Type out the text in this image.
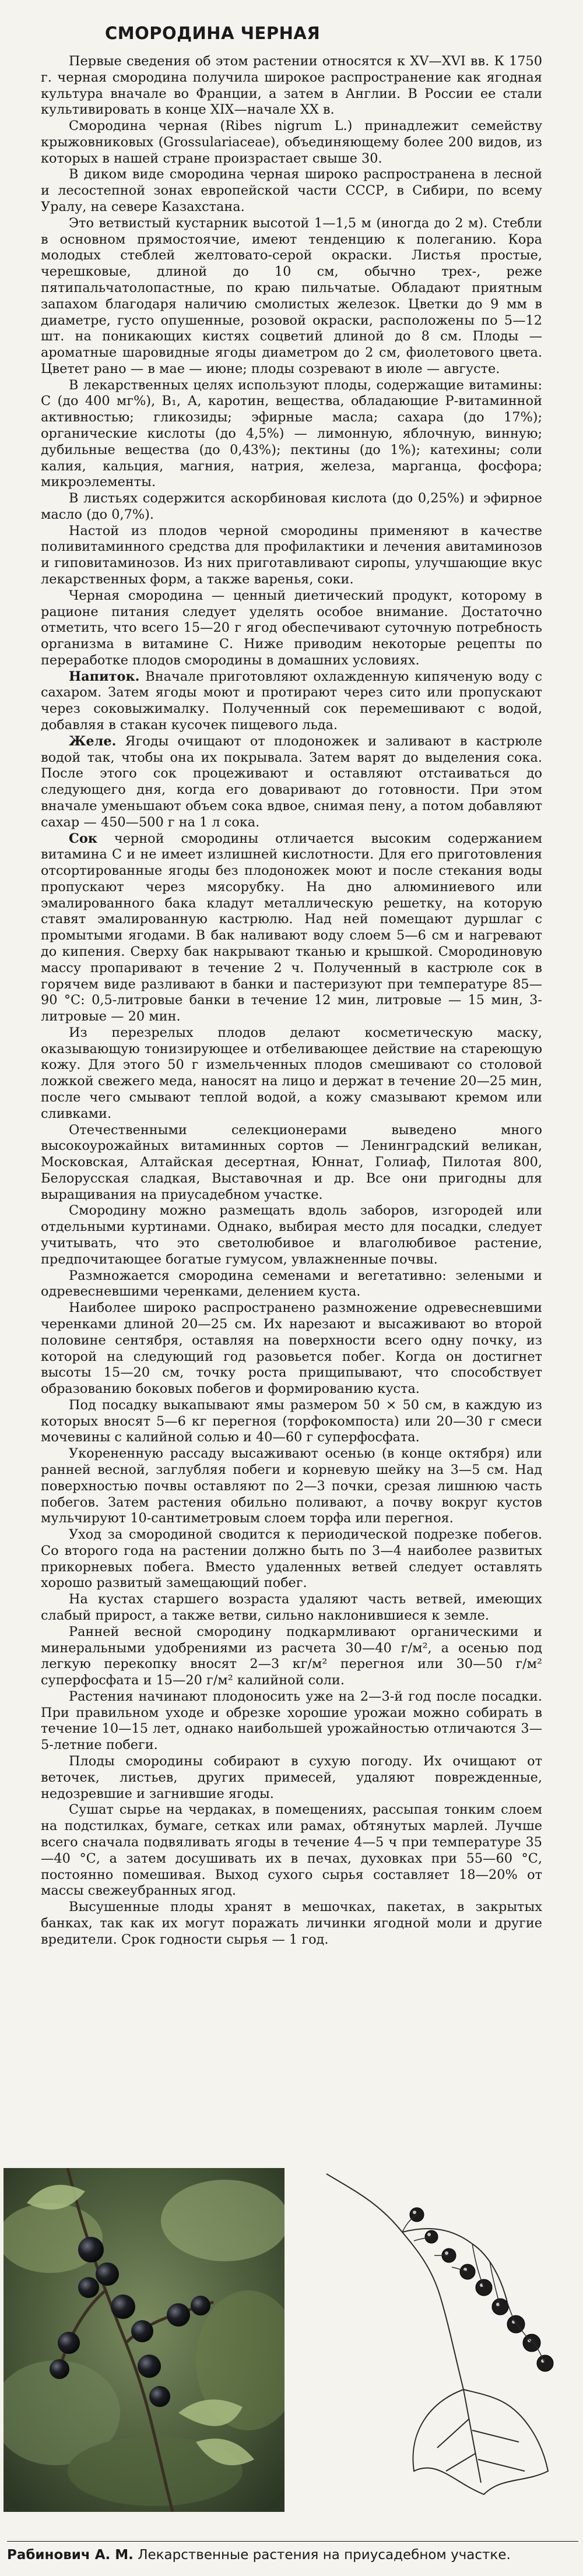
СМОРОДИНА ЧЕРНАЯ

Первые сведения об этом растении относятся к XV—XVI вв. К 1750 г. черная смородина получила широкое распространение как ягодная культура вначале во Франции, а затем в Англии. В России ее стали культивировать в конце XIX—начале XX в.

Смородина черная (Ribes nigrum L.) принадлежит семейству крыжовниковых (Grossulariaceae), объединяющему более 200 видов, из которых в нашей стране произрастает свыше 30.

В диком виде смородина черная широко распространена в лесной и лесостепной зонах европейской части СССР, в Сибири, по всему Уралу, на севере Казахстана.

Это ветвистый кустарник высотой 1—1,5 м (иногда до 2 м). Стебли в основном прямостоячие, имеют тенденцию к полеганию. Кора молодых стеблей желтовато-серой окраски. Листья простые, черешковые, длиной до 10 см, обычно трех-, реже пятипальчатолопастные, по краю пильчатые. Обладают приятным запахом благодаря наличию смолистых железок. Цветки до 9 мм в диаметре, густо опушенные, розовой окраски, расположены по 5—12 шт. на поникающих кистях соцветий длиной до 8 см. Плоды — ароматные шаровидные ягоды диаметром до 2 см, фиолетового цвета. Цветет рано — в мае — июне; плоды созревают в июле — августе.

В лекарственных целях используют плоды, содержащие витамины: С (до 400 мг%), B₁, А, каротин, вещества, обладающие Р-витаминной активностью; гликозиды; эфирные масла; сахара (до 17%); органические кислоты (до 4,5%) — лимонную, яблочную, винную; дубильные вещества (до 0,43%); пектины (до 1%); катехины; соли калия, кальция, магния, натрия, железа, марганца, фосфора; микроэлементы.

В листьях содержится аскорбиновая кислота (до 0,25%) и эфирное масло (до 0,7%).

Настой из плодов черной смородины применяют в качестве поливитаминного средства для профилактики и лечения авитаминозов и гиповитаминозов. Из них приготавливают сиропы, улучшающие вкус лекарственных форм, а также варенья, соки.

Черная смородина — ценный диетический продукт, которому в рационе питания следует уделять особое внимание. Достаточно отметить, что всего 15—20 г ягод обеспечивают суточную потребность организма в витамине С. Ниже приводим некоторые рецепты по переработке плодов смородины в домашних условиях.

Напиток. Вначале приготовляют охлажденную кипяченую воду с сахаром. Затем ягоды моют и протирают через сито или пропускают через соковыжималку. Полученный сок перемешивают с водой, добавляя в стакан кусочек пищевого льда.

Желе. Ягоды очищают от плодоножек и заливают в кастрюле водой так, чтобы она их покрывала. Затем варят до выделения сока. После этого сок процеживают и оставляют отстаиваться до следующего дня, когда его доваривают до готовности. При этом вначале уменьшают объем сока вдвое, снимая пену, а потом добавляют сахар — 450—500 г на 1 л сока.

Сок черной смородины отличается высоким содержанием витамина С и не имеет излишней кислотности. Для его приготовления отсортированные ягоды без плодоножек моют и после стекания воды пропускают через мясорубку. На дно алюминиевого или эмалированного бака кладут металлическую решетку, на которую ставят эмалированную кастрюлю. Над ней помещают дуршлаг с промытыми ягодами. В бак наливают воду слоем 5—6 см и нагревают до кипения. Сверху бак накрывают тканью и крышкой. Смородиновую массу пропаривают в течение 2 ч. Полученный в кастрюле сок в горячем виде разливают в банки и пастеризуют при температуре 85—90 °С: 0,5-литровые банки в течение 12 мин, литровые — 15 мин, 3-литровые — 20 мин.

Из перезрелых плодов делают косметическую маску, оказывающую тонизирующее и отбеливающее действие на стареющую кожу. Для этого 50 г измельченных плодов смешивают со столовой ложкой свежего меда, наносят на лицо и держат в течение 20—25 мин, после чего смывают теплой водой, а кожу смазывают кремом или сливками.

Отечественными селекционерами выведено много высокоурожайных витаминных сортов — Ленинградский великан, Московская, Алтайская десертная, Юннат, Голиаф, Пилотая 800, Белорусская сладкая, Выставочная и др. Все они пригодны для выращивания на приусадебном участке.

Смородину можно размещать вдоль заборов, изгородей или отдельными куртинами. Однако, выбирая место для посадки, следует учитывать, что это светолюбивое и влаголюбивое растение, предпочитающее богатые гумусом, увлажненные почвы.

Размножается смородина семенами и вегетативно: зелеными и одревесневшими черенками, делением куста.

Наиболее широко распространено размножение одревесневшими черенками длиной 20—25 см. Их нарезают и высаживают во второй половине сентября, оставляя на поверхности всего одну почку, из которой на следующий год разовьется побег. Когда он достигнет высоты 15—20 см, точку роста прищипывают, что способствует образованию боковых побегов и формированию куста.

Под посадку выкапывают ямы размером 50 × 50 см, в каждую из которых вносят 5—6 кг перегноя (торфокомпоста) или 20—30 г смеси мочевины с калийной солью и 40—60 г суперфосфата.

Укорененную рассаду высаживают осенью (в конце октября) или ранней весной, заглубляя побеги и корневую шейку на 3—5 см. Над поверхностью почвы оставляют по 2—3 почки, срезая лишнюю часть побегов. Затем растения обильно поливают, а почву вокруг кустов мульчируют 10-сантиметровым слоем торфа или перегноя.

Уход за смородиной сводится к периодической подрезке побегов. Со второго года на растении должно быть по 3—4 наиболее развитых прикорневых побега. Вместо удаленных ветвей следует оставлять хорошо развитый замещающий побег.

На кустах старшего возраста удаляют часть ветвей, имеющих слабый прирост, а также ветви, сильно наклонившиеся к земле.

Ранней весной смородину подкармливают органическими и минеральными удобрениями из расчета 30—40 г/м², а осенью под легкую перекопку вносят 2—3 кг/м² перегноя или 30—50 г/м² суперфосфата и 15—20 г/м² калийной соли.

Растения начинают плодоносить уже на 2—3-й год после посадки. При правильном уходе и обрезке хорошие урожаи можно собирать в течение 10—15 лет, однако наибольшей урожайностью отличаются 3—5-летние побеги.

Плоды смородины собирают в сухую погоду. Их очищают от веточек, листьев, других примесей, удаляют поврежденные, недозревшие и загнившие ягоды.

Сушат сырье на чердаках, в помещениях, рассыпая тонким слоем на подстилках, бумаге, сетках или рамах, обтянутых марлей. Лучше всего сначала подвяливать ягоды в течение 4—5 ч при температуре 35—40 °С, а затем досушивать их в печах, духовках при 55—60 °С, постоянно помешивая. Выход сухого сырья составляет 18—20% от массы свежеубранных ягод.

Высушенные плоды хранят в мешочках, пакетах, в закрытых банках, так как их могут поражать личинки ягодной моли и другие вредители. Срок годности сырья — 1 год.

Рабинович А. М. Лекарственные растения на приусадебном участке.
